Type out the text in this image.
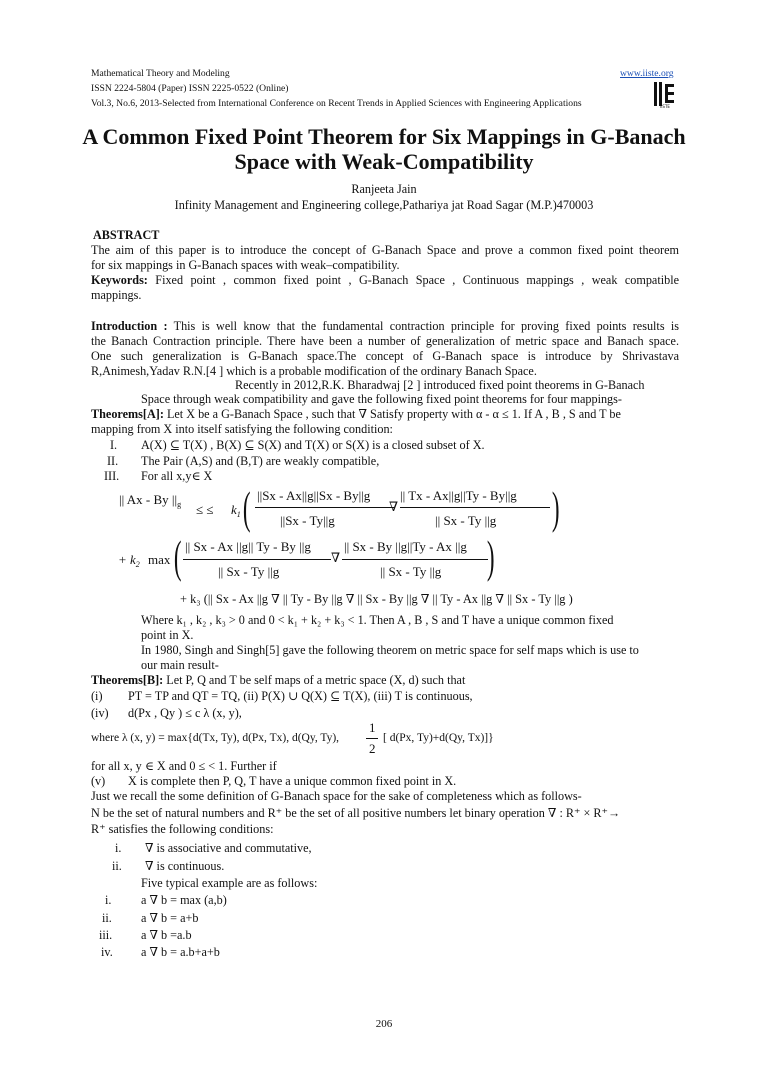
Mathematical Theory and Modeling	www.iiste.org
ISSN 2224-5804 (Paper) ISSN 2225-0522 (Online)
Vol.3, No.6, 2013-Selected from International Conference on Recent Trends in Applied Sciences with Engineering Applications	IISTE
A Common Fixed Point Theorem for Six Mappings in G-Banach Space with Weak-Compatibility
Ranjeeta Jain
Infinity Management and Engineering college,Pathariya jat Road Sagar (M.P.)470003
ABSTRACT
The aim of this paper is to introduce the concept of G-Banach Space and prove a common fixed point theorem
for six mappings in G-Banach spaces with weak–compatibility.
Keywords: Fixed point , common fixed point , G-Banach Space , Continuous mappings , weak compatible
mappings.
Introduction : This is well know that the fundamental contraction principle for proving fixed points results is
the Banach Contraction principle. There have been a number of generalization of metric space and Banach space.
One such generalization is G-Banach space.The concept of G-Banach space is introduce by Shrivastava
R,Animesh,Yadav R.N.[4 ] which is a probable modification of the ordinary Banach Space.
Recently in 2012,R.K. Bharadwaj [2 ] introduced fixed point theorems in G-Banach
Space through weak compatibility and gave the following fixed point theorems for four mappings-
Theorems[A]: Let X be a G-Banach Space , such that ∇ Satisfy property with α - α ≤ 1. If A , B , S and T be
mapping from X into itself satisfying the following condition:
I. A(X) ⊆ T(X) , B(X) ⊆ S(X) and T(X) or S(X) is a closed subset of X.
II. The Pair (A,S) and (B,T) are weakly compatible,
III. For all x,y∈ X
|| Ax - By $||_g$ ≤ ≤ $k_1$ ( ||Sx - Ax||g||Sx - By||g
||Sx - Ty||g
∇
|| Tx - Ax||g||Ty - By||g
|| Sx - Ty ||g )
+ $k_2$ max ( || Sx - Ax ||g|| Ty - By ||g
|| Sx - Ty ||g
∇
|| Sx - By ||g||Ty - Ax ||g
|| Sx - Ty ||g )
+ k₃ (|| Sx - Ax ||g ∇ || Ty - By ||g ∇ || Sx - By ||g ∇ || Ty - Ax ||g ∇ || Sx - Ty ||g )
Where k₁ , k₂ , k₃ > 0 and 0 < k₁ + k₂ + k₃ < 1. Then A , B , S and T have a unique common fixed
point in X.
In 1980, Singh and Singh[5] gave the following theorem on metric space for self maps which is use to
our main result-
Theorems[B]: Let P, Q and T be self maps of a metric space (X, d) such that
(i) PT = TP and QT = TQ, (ii) P(X) ∪ Q(X) ⊆ T(X), (iii) T is continuous,
(iv) d(Px , Qy ) ≤ c λ (x, y),
where λ (x, y) = max{d(Tx, Ty), d(Px, Tx), d(Qy, Ty),
1
2
[ d(Px, Ty)+d(Qy, Tx)]}
for all x, y ∈ X and 0 ≤ < 1. Further if
(v) X is complete then P, Q, T have a unique common fixed point in X.
Just we recall the some definition of G-Banach space for the sake of completeness which as follows-
N be the set of natural numbers and R⁺ be the set of all positive numbers let binary operation ∇ : R⁺ × R⁺→
R⁺ satisfies the following conditions:
i. ∇ is associative and commutative,
ii. ∇ is continuous.
Five typical example are as follows:
i. a ∇ b = max (a,b)
ii. a ∇ b = a+b
iii. a ∇ b =a.b
iv. a ∇ b = a.b+a+b
206
